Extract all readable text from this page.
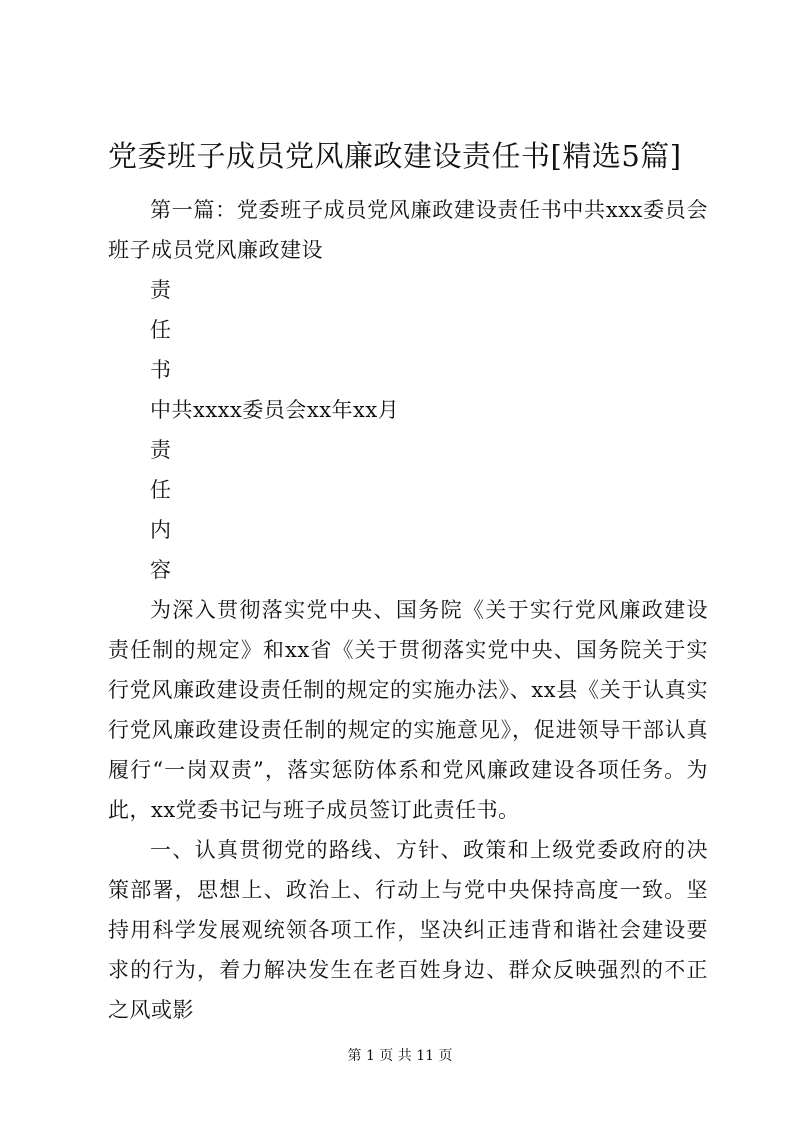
党委班子成员党风廉政建设责任书[精选5篇]

第一篇：党委班子成员党风廉政建设责任书中共xxx委员会班子成员党风廉政建设

责

任

书

中共xxxx委员会xx年xx月

责

任

内

容

为深入贯彻落实党中央、国务院《关于实行党风廉政建设责任制的规定》和xx省《关于贯彻落实党中央、国务院关于实行党风廉政建设责任制的规定的实施办法》、xx县《关于认真实行党风廉政建设责任制的规定的实施意见》，促进领导干部认真履行“一岗双责”，落实惩防体系和党风廉政建设各项任务。为此，xx党委书记与班子成员签订此责任书。

一、认真贯彻党的路线、方针、政策和上级党委政府的决策部署，思想上、政治上、行动上与党中央保持高度一致。坚持用科学发展观统领各项工作，坚决纠正违背和谐社会建设要求的行为，着力解决发生在老百姓身边、群众反映强烈的不正之风或影

第 1 页 共 11 页
